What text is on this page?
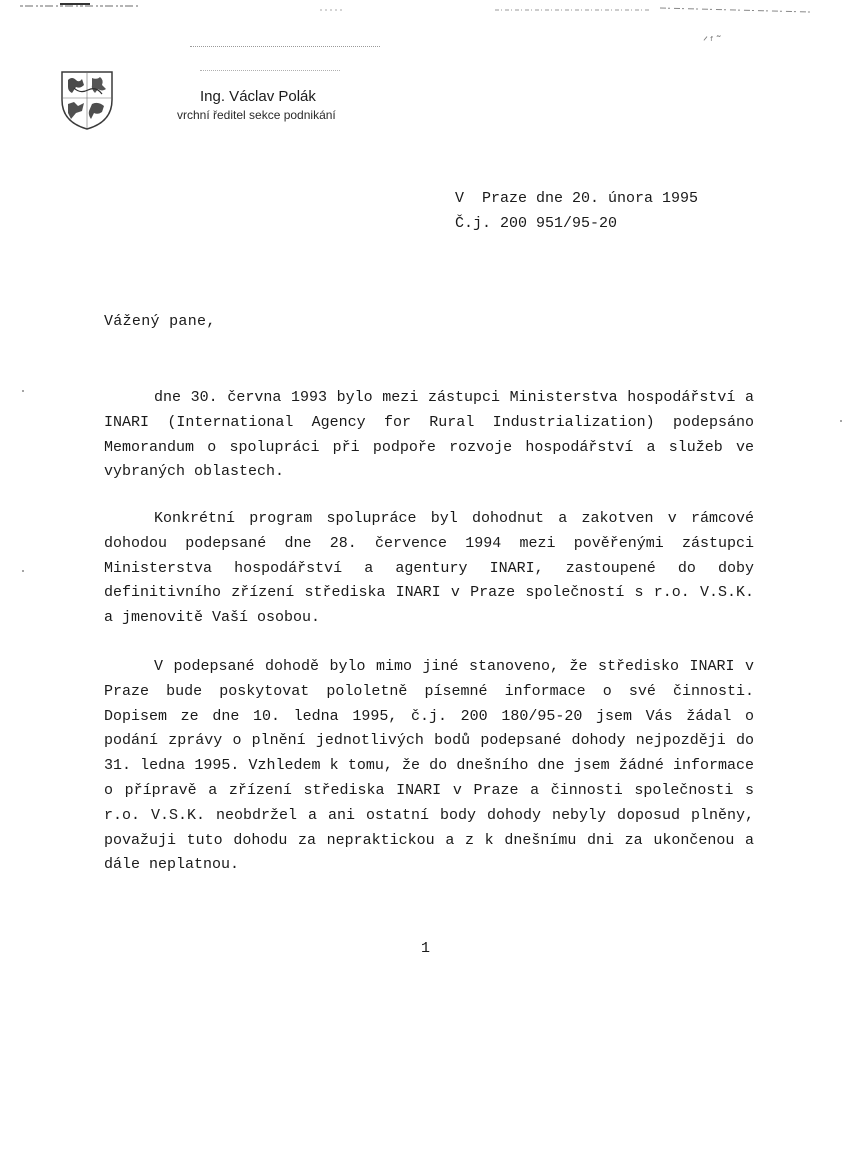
Ing. Václav Polák
vrchní ředitel sekce podnikání
ᐟᶠ˜
V  Praze dne 20. února 1995
Č.j. 200 951/95-20
Vážený pane,

dne 30. června 1993 bylo mezi zástupci Ministerstva hospodářství a INARI (International Agency for Rural Industrialization) podepsáno Memorandum o spolupráci při podpoře rozvoje hospodářství a služeb ve vybraných oblastech.

Konkrétní program spolupráce byl dohodnut a zakotven v rámcové dohodou podepsané dne 28. července 1994 mezi pověřenými zástupci Ministerstva hospodářství a agentury INARI, zastoupené do doby definitivního zřízení střediska INARI v Praze společností s r.o. V.S.K. a jmenovitě Vaší osobou.

V podepsané dohodě bylo mimo jiné stanoveno, že středisko INARI v Praze bude poskytovat pololetně písemné informace o své činnosti. Dopisem ze dne 10. ledna 1995, č.j. 200 180/95-20 jsem Vás žádal o podání zprávy o plnění jednotlivých bodů podepsané dohody nejpozději do 31. ledna 1995. Vzhledem k tomu, že do dnešního dne jsem žádné informace o přípravě a zřízení střediska INARI v Praze a činnosti společnosti s r.o. V.S.K. neobdržel a ani ostatní body dohody nebyly doposud plněny, považuji tuto dohodu za nepraktickou a z k dnešnímu dni za ukončenou a dále neplatnou.

1
